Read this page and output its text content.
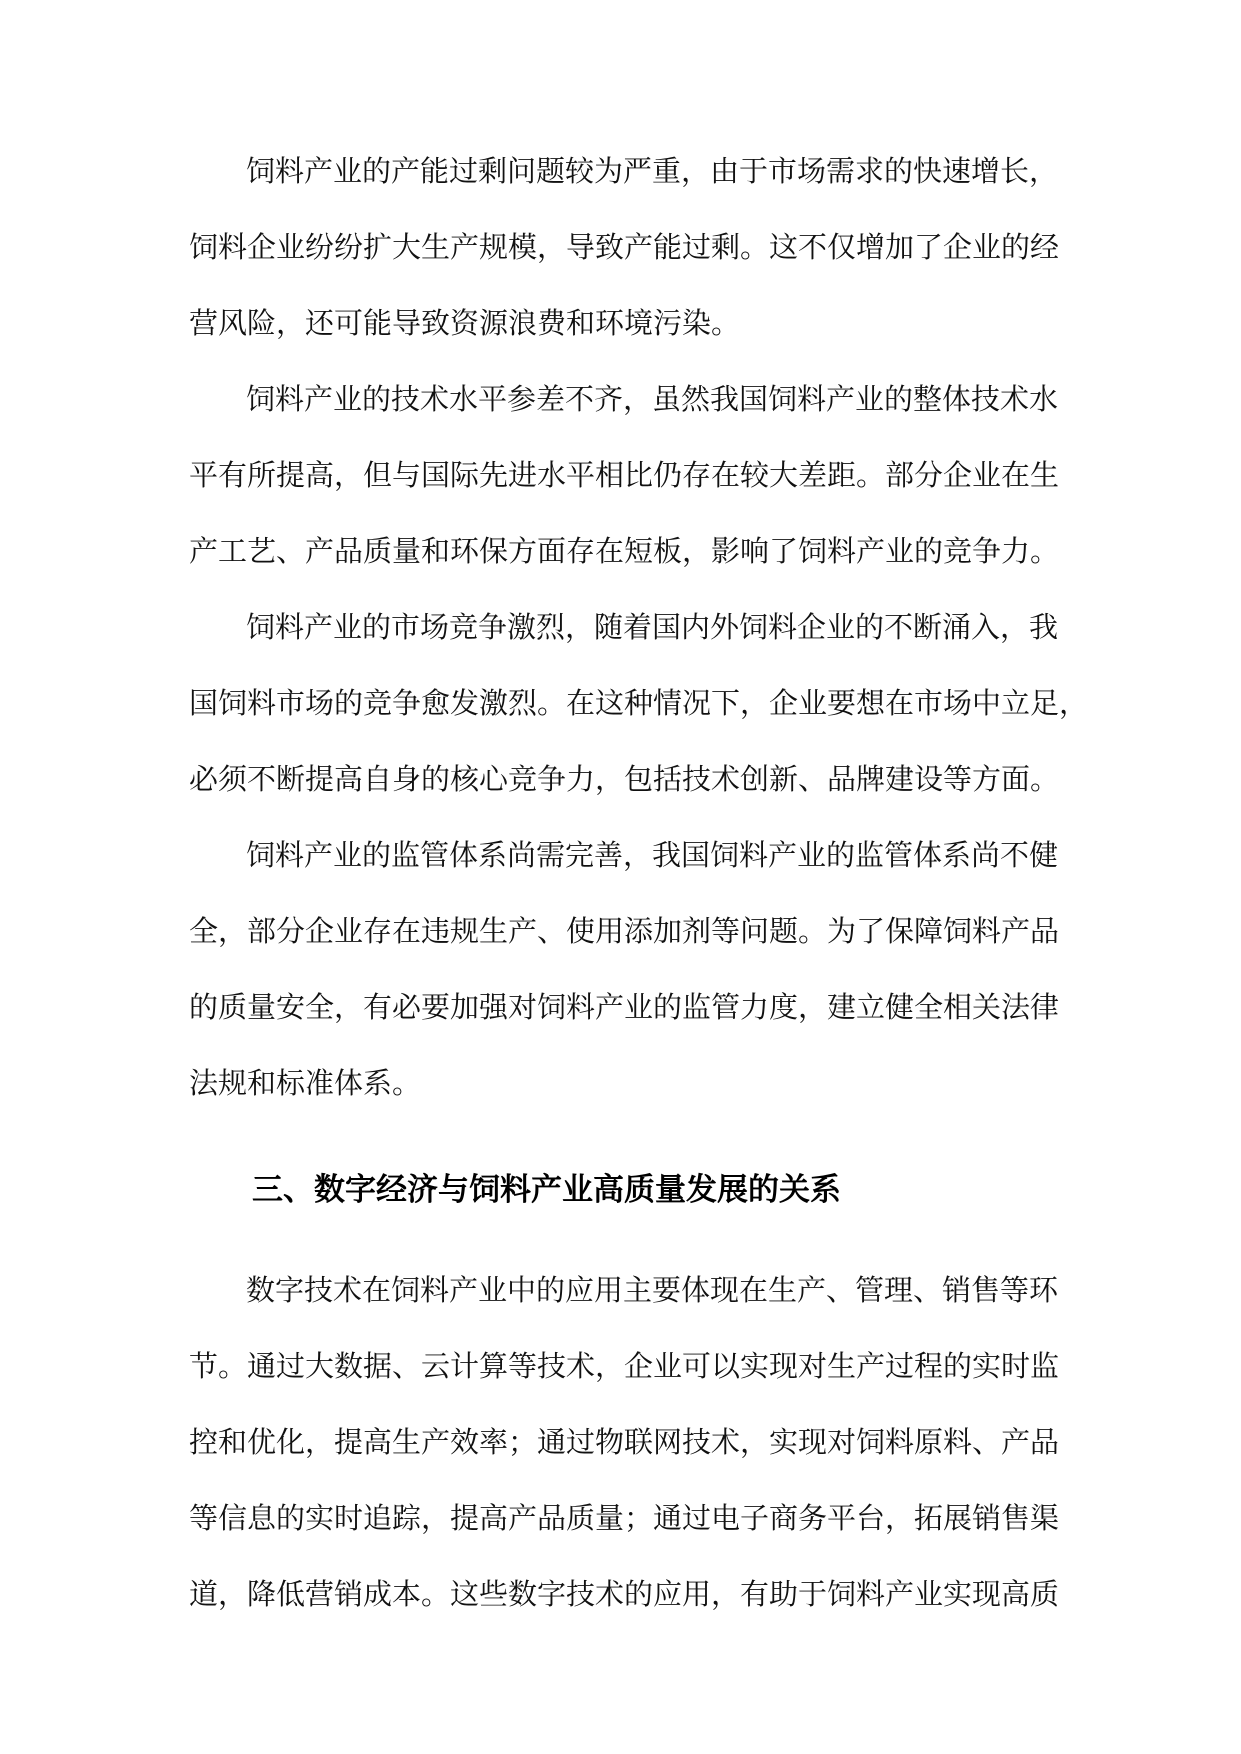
饲料产业的产能过剩问题较为严重，由于市场需求的快速增长，
饲料企业纷纷扩大生产规模，导致产能过剩。这不仅增加了企业的经
营风险，还可能导致资源浪费和环境污染。
饲料产业的技术水平参差不齐，虽然我国饲料产业的整体技术水
平有所提高，但与国际先进水平相比仍存在较大差距。部分企业在生
产工艺、产品质量和环保方面存在短板，影响了饲料产业的竞争力。
饲料产业的市场竞争激烈，随着国内外饲料企业的不断涌入，我
国饲料市场的竞争愈发激烈。在这种情况下，企业要想在市场中立足，
必须不断提高自身的核心竞争力，包括技术创新、品牌建设等方面。
饲料产业的监管体系尚需完善，我国饲料产业的监管体系尚不健
全，部分企业存在违规生产、使用添加剂等问题。为了保障饲料产品
的质量安全，有必要加强对饲料产业的监管力度，建立健全相关法律
法规和标准体系。
三、数字经济与饲料产业高质量发展的关系
数字技术在饲料产业中的应用主要体现在生产、管理、销售等环
节。通过大数据、云计算等技术，企业可以实现对生产过程的实时监
控和优化，提高生产效率；通过物联网技术，实现对饲料原料、产品
等信息的实时追踪，提高产品质量；通过电子商务平台，拓展销售渠
道，降低营销成本。这些数字技术的应用，有助于饲料产业实现高质
